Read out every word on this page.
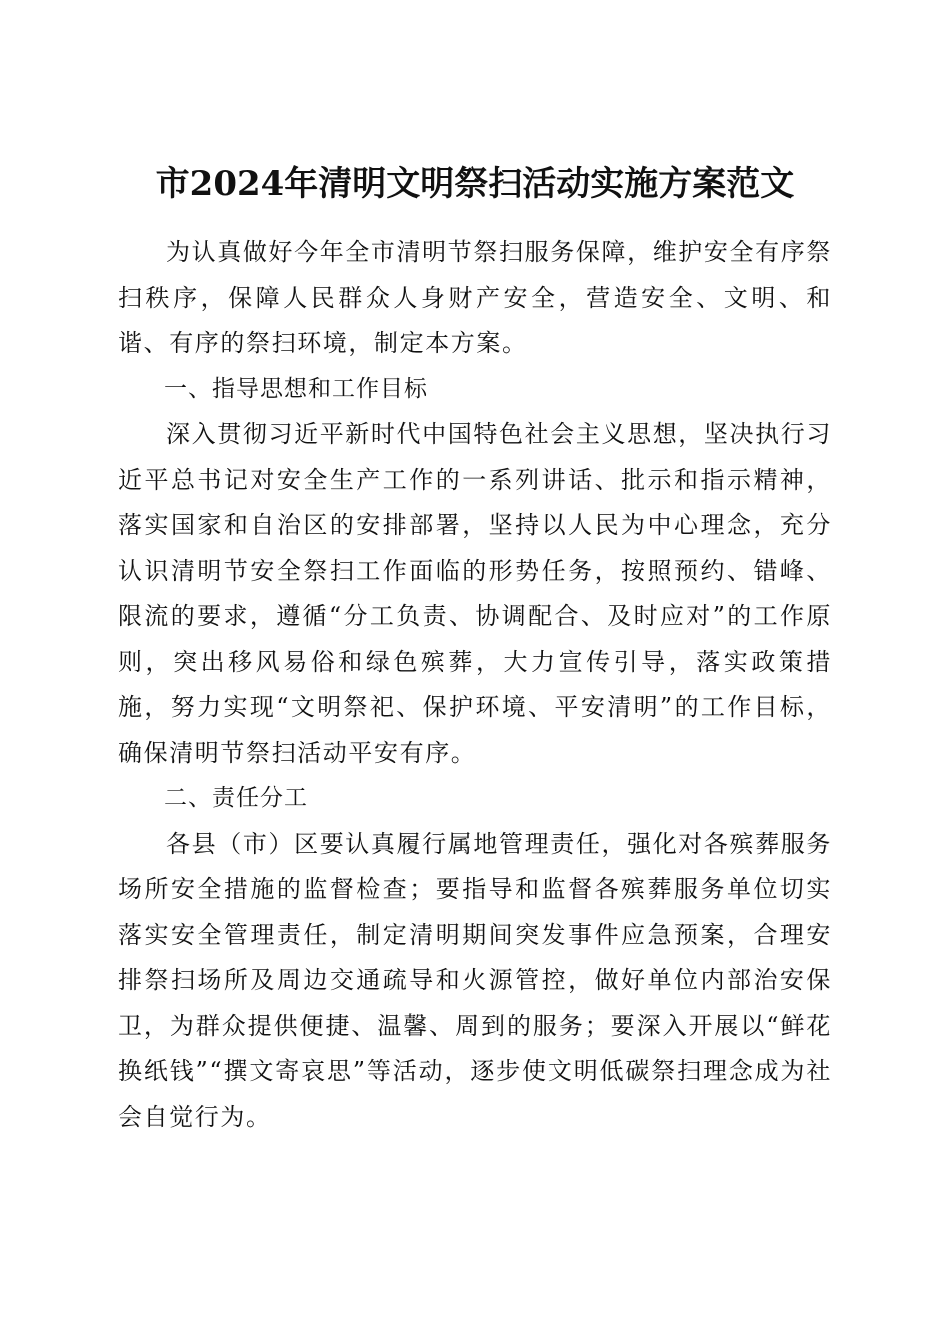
市2024年清明文明祭扫活动实施方案范文

为认真做好今年全市清明节祭扫服务保障，维护安全有序祭扫秩序，保障人民群众人身财产安全，营造安全、文明、和谐、有序的祭扫环境，制定本方案。

一、指导思想和工作目标

深入贯彻习近平新时代中国特色社会主义思想，坚决执行习近平总书记对安全生产工作的一系列讲话、批示和指示精神，落实国家和自治区的安排部署，坚持以人民为中心理念，充分认识清明节安全祭扫工作面临的形势任务，按照预约、错峰、限流的要求，遵循“分工负责、协调配合、及时应对”的工作原则，突出移风易俗和绿色殡葬，大力宣传引导，落实政策措施，努力实现“文明祭祀、保护环境、平安清明”的工作目标，确保清明节祭扫活动平安有序。

二、责任分工

各县（市）区要认真履行属地管理责任，强化对各殡葬服务场所安全措施的监督检查；要指导和监督各殡葬服务单位切实落实安全管理责任，制定清明期间突发事件应急预案，合理安排祭扫场所及周边交通疏导和火源管控，做好单位内部治安保卫，为群众提供便捷、温馨、周到的服务；要深入开展以“鲜花换纸钱”“撰文寄哀思”等活动，逐步使文明低碳祭扫理念成为社会自觉行为。
